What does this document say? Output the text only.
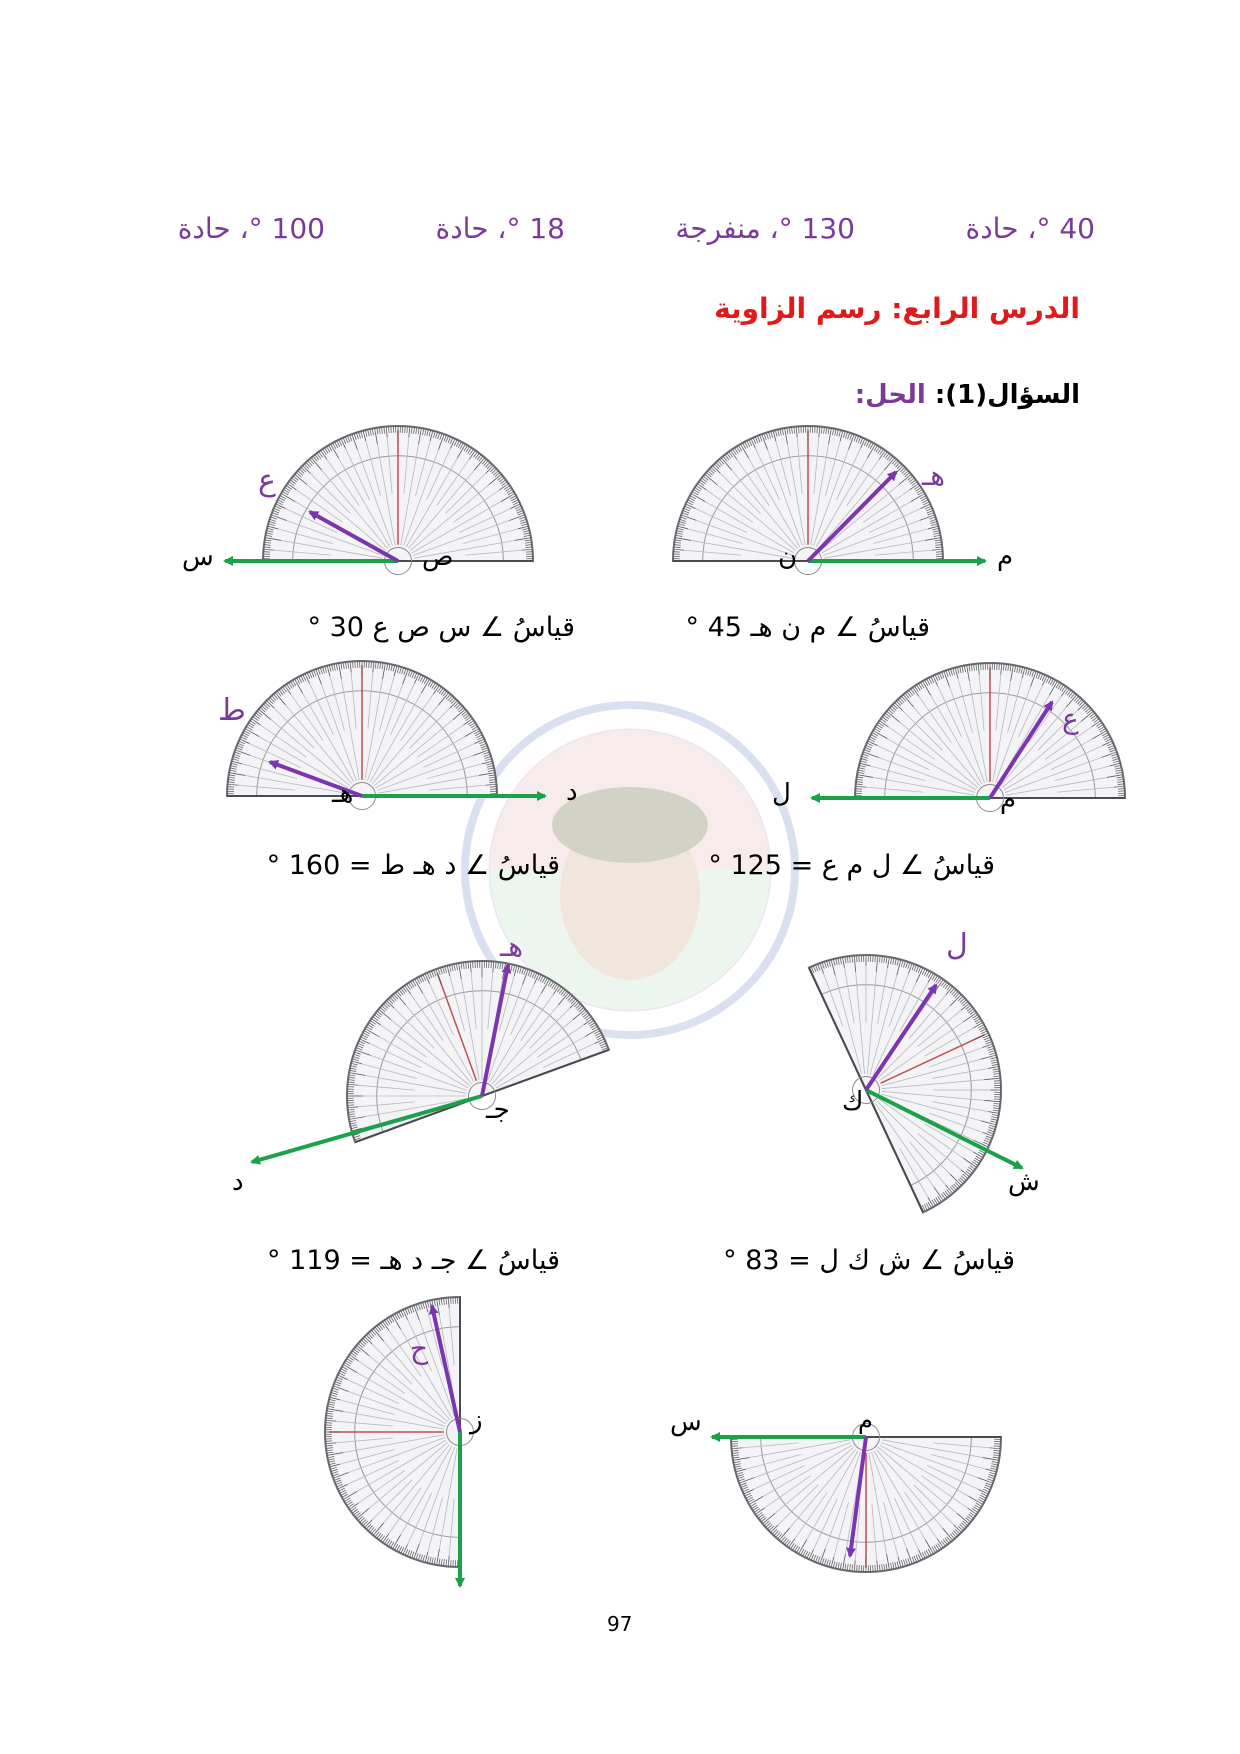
40 °، حادة
130 °، منفرجة
18 °، حادة
100 °، حادة
الدرس الرابع: رسم الزاوية
السؤال(1): الحل:
ن	م
هـ
ص
س
ع
م
ل
ع
هـ	د
ط
ك
ش
ل
جـ
د
هـ
ز
ح
م
س
قياسُ ∠ م ن هـ 45 °
قياسُ ∠ س ص ع 30 °
قياسُ ∠ ل م ع = 125 °
قياسُ ∠ د هـ ط = 160 °
قياسُ ∠ ش ك ل = 83 °
قياسُ ∠ جـ د هـ = 119 °
97
